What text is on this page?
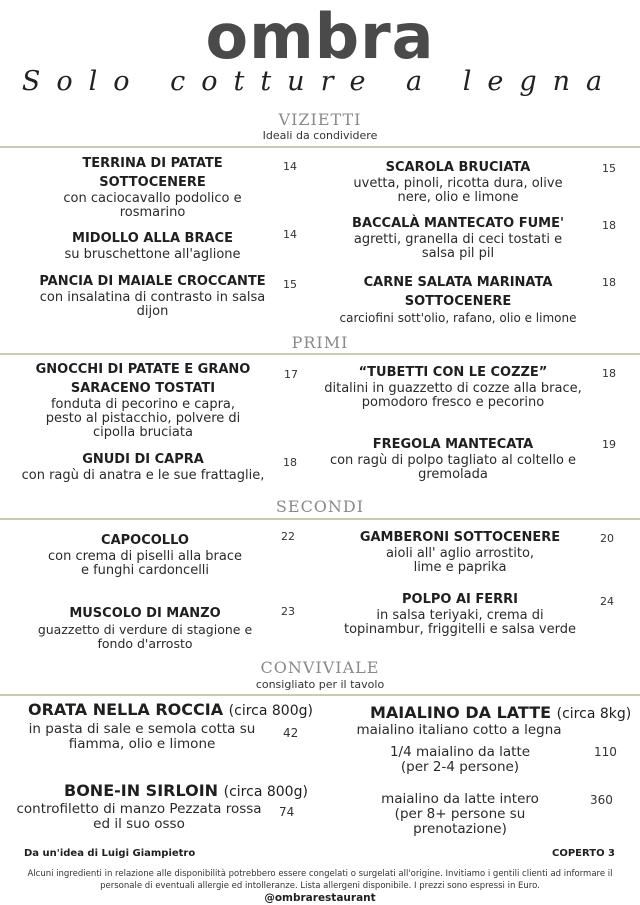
ombra
Solo cotture a legna
VIZIETTI
Ideali da condividere
TERRINA DI PATATE SOTTOCENERE
con caciocavallo podolico e rosmarino
14
MIDOLLO ALLA BRACE
su bruschettone all'aglione
14
PANCIA DI MAIALE CROCCANTE
con insalatina di contrasto in salsa dijon
15
SCAROLA BRUCIATA
uvetta, pinoli, ricotta dura, olive nere, olio e limone
15
BACCALÀ MANTECATO FUME'
agretti, granella di ceci tostati e salsa pil pil
18
CARNE SALATA MARINATA SOTTOCENERE
carciofini sott'olio, rafano, olio e limone
18
PRIMI
GNOCCHI DI PATATE E GRANO SARACENO TOSTATI
fonduta di pecorino e capra, pesto al pistacchio, polvere di cipolla bruciata
17
GNUDI DI CAPRA
con ragù di anatra e le sue frattaglie,
18
“TUBETTI CON LE COZZE”
ditalini in guazzetto di cozze alla brace, pomodoro fresco e pecorino
18
FREGOLA MANTECATA
con ragù di polpo tagliato al coltello e gremolada
19
SECONDI
CAPOCOLLO
con crema di piselli alla brace e funghi cardoncelli
22
MUSCOLO DI MANZO
guazzetto di verdure di stagione e fondo d'arrosto
23
GAMBERONI SOTTOCENERE
aioli all' aglio arrostito, lime e paprika
20
POLPO AI FERRI
in salsa teriyaki, crema di topinambur, friggitelli e salsa verde
24
CONVIVIALE
consigliato per il tavolo
ORATA NELLA ROCCIA (circa 800g)
in pasta di sale e semola cotta su fiamma, olio e limone
42
BONE-IN SIRLOIN (circa 800g)
controfiletto di manzo Pezzata rossa ed il suo osso
74
MAIALINO DA LATTE (circa 8kg)
maialino italiano cotto a legna
1/4 maialino da latte (per 2-4 persone)
110
maialino da latte intero (per 8+ persone su prenotazione)
360
Da un'idea di Luigi Giampietro	COPERTO 3
Alcuni ingredienti in relazione alle disponibilità potrebbero essere congelati o surgelati all'origine. Invitiamo i gentili clienti ad informare il personale di eventuali allergie ed intolleranze. Lista allergeni disponibile. I prezzi sono espressi in Euro.
@ombrarestaurant
